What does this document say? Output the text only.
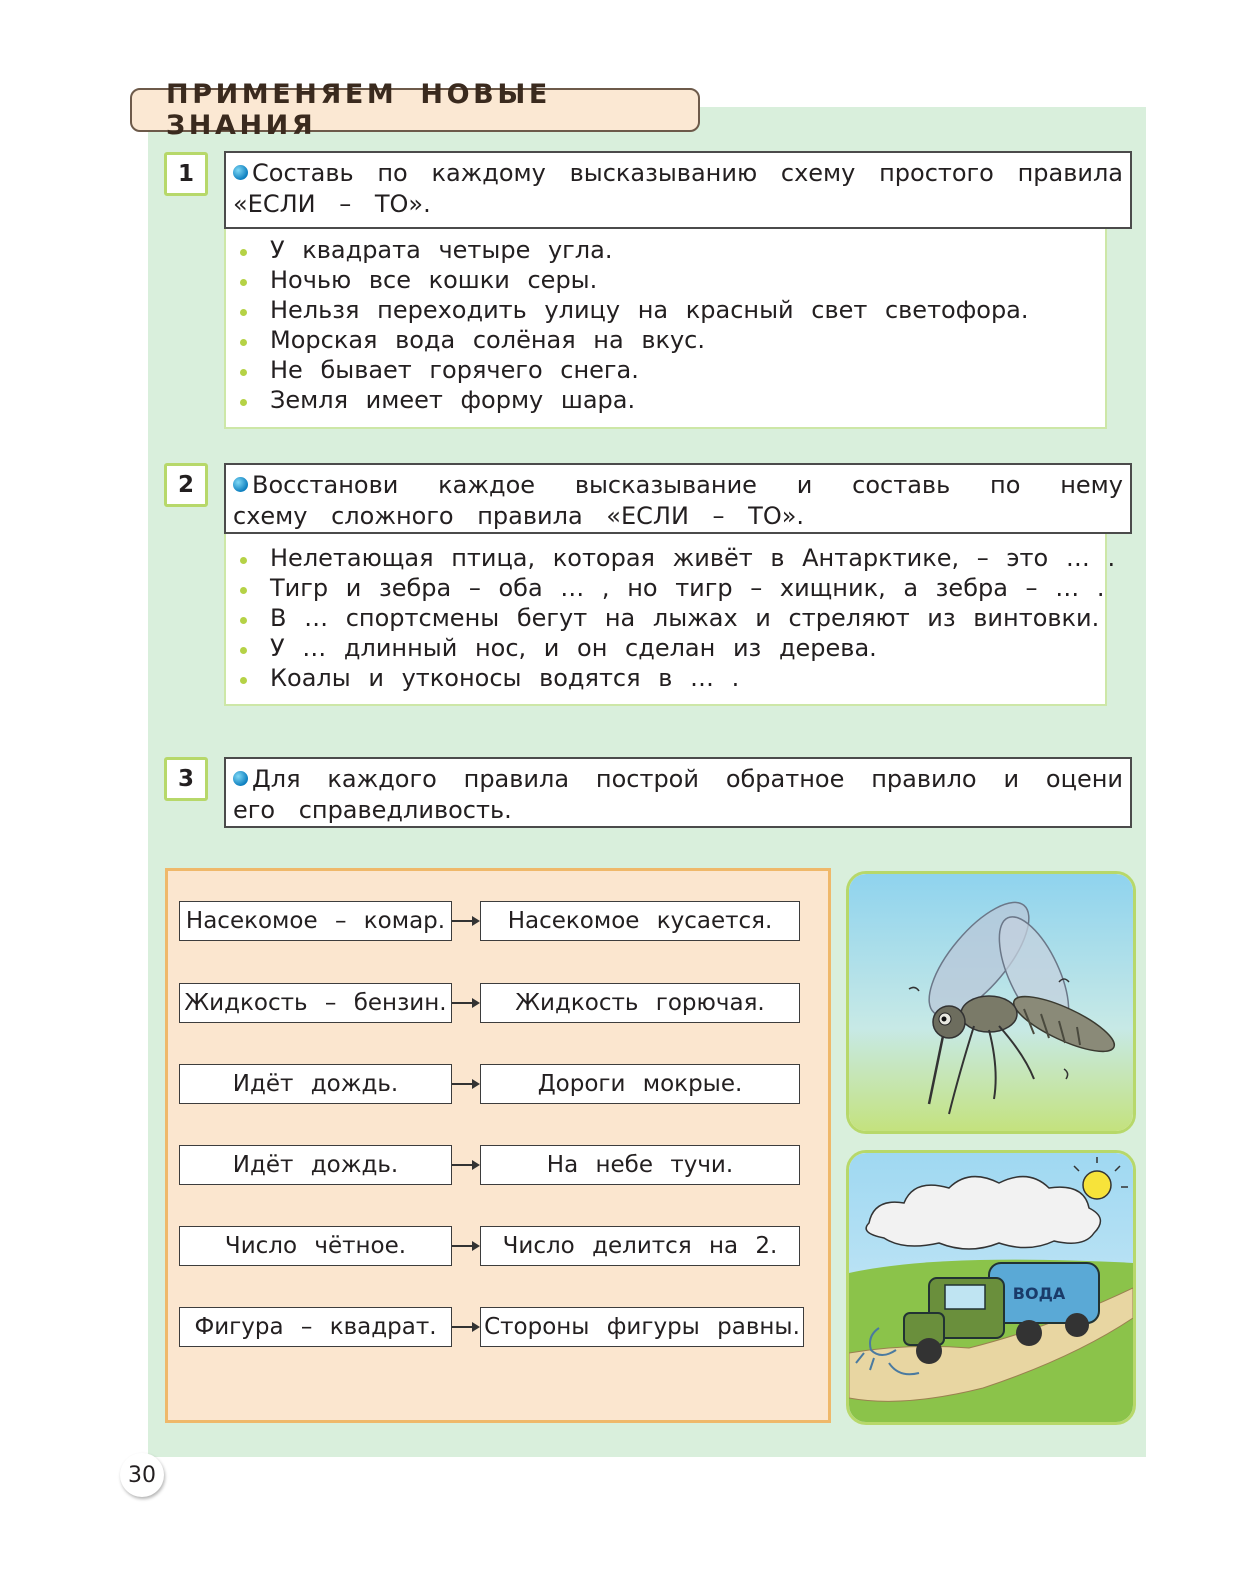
ПРИМЕНЯЕМ НОВЫЕ ЗНАНИЯ
1	Составь по каждому высказыванию схему простого правила «ЕСЛИ – ТО».
У квадрата четыре угла.
Ночью все кошки серы.
Нельзя переходить улицу на красный свет светофора.
Морская вода солёная на вкус.
Не бывает горячего снега.
Земля имеет форму шара.
2	Восстанови каждое высказывание и составь по нему схему сложного правила «ЕСЛИ – ТО».
Нелетающая птица, которая живёт в Антарктике, – это … .
Тигр и зебра – оба … , но тигр – хищник, а зебра – … .
В … спортсмены бегут на лыжах и стреляют из винтовки.
У … длинный нос, и он сделан из дерева.
Коалы и утконосы водятся в … .
3	Для каждого правила построй обратное правило и оцени его справедливость.
Насекомое – комар.	Насекомое кусается.
Жидкость – бензин.	Жидкость горючая.
Идёт дождь.	Дороги мокрые.
Идёт дождь.	На небе тучи.
Число чётное.	Число делится на 2.
Фигура – квадрат.	Стороны фигуры равны.
ВОДА
30
